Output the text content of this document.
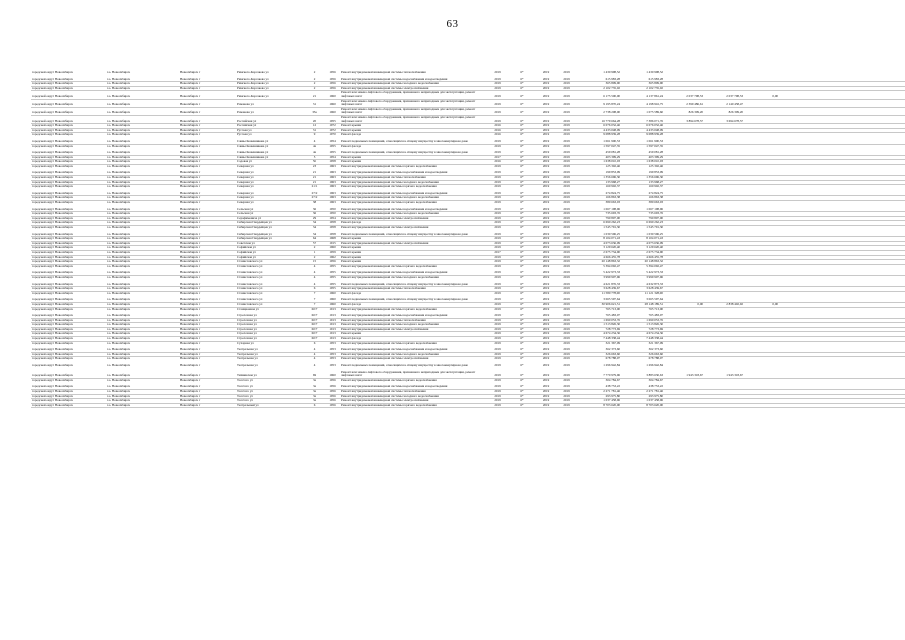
63
городской округ Новосибирск	г.о. Новосибирск	Новосибирск г	Римского-Корсакова ул	2	1956	Ремонт внутридомовой инженерной системы теплоснабжения	2019	6*	2019	2019	1 430 998,52	1 430 998,52				

городской округ Новосибирск	г.о. Новосибирск	Новосибирск г	Римского-Корсакова ул	2	1956	Ремонт внутридомовой инженерной системы водоснабжения и водоотведения	2019	6*	2019	2019	615 983,28	615 983,28				
городской округ Новосибирск	г.о. Новосибирск	Новосибирск г	Римского-Корсакова ул	2	1956	Ремонт внутридомовой инженерной системы холодного водоснабжения	2019	6*	2019	2019	365 809,90	365 809,90				
городской округ Новосибирск	г.о. Новосибирск	Новосибирск г	Римского-Корсакова ул	2	1956	Ремонт внутридомовой инженерной системы электроснабжения	2019	6*	2019	2019	2 102 735,02	2 102 735,02				
городской округ Новосибирск	г.о. Новосибирск	Новосибирск г	Римского-Корсакова ул	21	1960	Ремонт или замена лифтового оборудования, признанного непригодным для эксплуатации, ремонт лифтовых шахт	2019	6*	2019	2019	6 175 500,00	4 137 861,24	2 037 798,53	2 037 798,53	0,00	
городской округ Новосибирск	г.о. Новосибирск	Новосибирск г	Романова ул	31	1960	Ремонт или замена лифтового оборудования, признанного непригодным для эксплуатации, ремонт лифтовых шахт	2019	6*	2019	2019	9 195 870,24	4 198 916,75	2 399 486,61	2 140 458,47		
городской округ Новосибирск	г.о. Новосибирск	Новосибирск г	Романова ул	33а	1960	Ремонт или замена лифтового оборудования, признанного непригодным для эксплуатации, ремонт лифтовых шахт	2019	6*	2019	2019	2 738 208,00	1 075 589,60	826 309,20	826 309,20		
городской округ Новосибирск	г.о. Новосибирск	Новосибирск г	Российская ул	20	1955	Ремонт или замена лифтового оборудования, признанного непригодным для эксплуатации, ремонт лифтовых шахт	2019	6*	2019	2019	16 779 664,28	7 386 071,76	3 894 678,57	3 694 678,57		
городской округ Новосибирск	г.о. Новосибирск	Новосибирск г	Российская ул	12	1972	Ремонт крыши	2016	6*	2019	2019	6 076 032,46	6 076 032,46				
городской округ Новосибирск	г.о. Новосибирск	Новосибирск г	Русская ул	31	1972	Ремонт крыши	2016	6*	2019	2019	4 433 048,09	4 433 048,09				
городской округ Новосибирск	г.о. Новосибирск	Новосибирск г	Русская ул	9	1970	Ремонт фасада	2016	6*	2019	2019	9 088 939,28	9 088 939,28				

городской округ Новосибирск	г.о. Новосибирск	Новосибирск г	Саввы Кожевникова ул	4	1954	Ремонт подвальных помещений, относящихся к общему имуществу в многоквартирном доме	2019	6*	2019	2019	1 061 900,53	1 061 900,53				
городской округ Новосибирск	г.о. Новосибирск	Новосибирск г	Саввы Кожевникова ул	4а	1955	Ремонт фасада	2019	6*	2019	2019	1 597 047,35	1 597 047,35				

городской округ Новосибирск	г.о. Новосибирск	Новосибирск г	Саввы Кожевникова ул	4а	1955	Ремонт подвальных помещений, относящихся к общему имуществу в многоквартирном доме	2019	6*	2019	2019	459 081,28	459 081,28				
городской округ Новосибирск	г.о. Новосибирск	Новосибирск г	Саввы Кожевникова ул	5	1954	Ремонт крыши	2017	6*	2019	2019	403 399,29	403 399,29				
городской округ Новосибирск	г.о. Новосибирск	Новосибирск г	Садовая ул	5б	1958	Ремонт крыши	2016	6*	2019	2019	1 638 010,03	1 638 010,03				
городской округ Новосибирск	г.о. Новосибирск	Новосибирск г	Северная ул	23	1963	Ремонт внутридомовой инженерной системы горячего водоснабжения	2019	6*	2019	2019	125 302,46	125 302,46				

городской округ Новосибирск	г.о. Новосибирск	Новосибирск г	Северная ул	21	1963	Ремонт внутридомовой инженерной системы водоснабжения и водоотведения	2019	6*	2019	2019	199 853,09	199 853,09				
городской округ Новосибирск	г.о. Новосибирск	Новосибирск г	Северная ул	21	1963	Ремонт внутридомовой инженерной системы теплоснабжения	2019	6*	2019	2019	1 356 696,30	1 356 696,30				
городской округ Новосибирск	г.о. Новосибирск	Новосибирск г	Северная ул	21	1963	Ремонт внутридомовой инженерной системы холодного водоснабжения	2019	6*	2019	2019	133 968,27	133 968,27				
городской округ Новосибирск	г.о. Новосибирск	Новосибирск г	Северная ул	21/1	1963	Ремонт внутридомовой инженерной системы горячего водоснабжения	2019	6*	2019	2019	160 902,37	160 902,37				

городской округ Новосибирск	г.о. Новосибирск	Новосибирск г	Северная ул	27/2	1963	Ремонт внутридомовой инженерной системы водоснабжения и водоотведения	2019	6*	2019	2019	274 824,75	274 824,75				
городской округ Новосибирск	г.о. Новосибирск	Новосибирск г	Северная ул	27/2	1963	Ремонт внутридомовой инженерной системы холодного водоснабжения	2019	6*	2019	2019	166 863,38	166 863,38				
городской округ Новосибирск	г.о. Новосибирск	Новосибирск г	Северная ул	38	1963	Ремонт внутридомовой инженерной системы горячего водоснабжения	2019	6*	2019	2019	380 663,03	380 663,03				

городской округ Новосибирск	г.о. Новосибирск	Новосибирск г	Сельская ул	36	1950	Ремонт внутридомовой инженерной системы водоснабжения и водоотведения	2019	6*	2019	2019	1 067 198,96	1 067 198,96				
городской округ Новосибирск	г.о. Новосибирск	Новосибирск г	Сельская ул	36	1950	Ремонт внутридомовой инженерной системы холодного водоснабжения	2019	6*	2019	2019	735 693,76	735 693,76				
городской округ Новосибирск	г.о. Новосибирск	Новосибирск г	Серафимовича ул	29	1954	Ремонт внутридомовой инженерной системы электроснабжения	2019	6*	2019	2019	790 807,00	790 807,00				
городской округ Новосибирск	г.о. Новосибирск	Новосибирск г	Сибирская Гвардейцев ул	34	1958	Ремонт фасада	2019	6*	2019	2019	6 690 262,23	6 690 262,23				
городской округ Новосибирск	г.о. Новосибирск	Новосибирск г	Сибирская Гвардейцев ул	34	1958	Ремонт внутридомовой инженерной системы электроснабжения	2019	6*	2019	2019	1 545 791,30	1 545 791,30				

городской округ Новосибирск	г.о. Новосибирск	Новосибирск г	Сибирская Гвардейцев ул	34	1958	Ремонт подвальных помещений, относящихся к общему имуществу в многоквартирном доме	2019	6*	2019	2019	1 030 596,25	1 030 596,25				
городской округ Новосибирск	г.о. Новосибирск	Новосибирск г	Сибирская Гвардейцев ул	64	1968	Ремонт крыши	2019	6*	2019	2019	8 104 071,43	8 104 071,43				
городской округ Новосибирск	г.о. Новосибирск	Новосибирск г	Советская ул	57	1915	Ремонт внутридомовой инженерной системы электроснабжения	2019	6*	2019	2019	4 073 636,09	4 073 636,09				
городской округ Новосибирск	г.о. Новосибирск	Новосибирск г	Софийская ул	2	1960	Ремонт крыши	2019	6*	2019	2019	3 129 620,40	3 129 620,40				
городской округ Новосибирск	г.о. Новосибирск	Новосибирск г	Софийская ул	1	1959	Ремонт крыши	2017	6*	2019	2019	2 675 734,90	2 675 734,90				
городской округ Новосибирск	г.о. Новосибирск	Новосибирск г	Софийская ул	2	1962	Ремонт крыши	2019	6*	2019	2019	4 666 455,78	4 666 455,78				
городской округ Новосибирск	г.о. Новосибирск	Новосибирск г	Станиславского ул	15	1956	Ремонт крыши	2019	6*	2019	2019	20 148 863,32	20 148 863,32				
городской округ Новосибирск	г.о. Новосибирск	Новосибирск г	Станиславского ул	4	1955	Ремонт внутридомовой инженерной системы горячего водоснабжения	2019	6*	2019	2019	5 394 092,47	5 394 092,47				

городской округ Новосибирск	г.о. Новосибирск	Новосибирск г	Станиславского ул	4	1955	Ремонт внутридомовой инженерной системы водоснабжения и водоотведения	2019	6*	2019	2019	5 422 973,33	5 422 973,33				
городской округ Новосибирск	г.о. Новосибирск	Новосибирск г	Станиславского ул	4	1955	Ремонт внутридомовой инженерной системы холодного водоснабжения	2019	6*	2019	2019	3 999 907,96	3 999 907,96				

городской округ Новосибирск	г.о. Новосибирск	Новосибирск г	Станиславского ул	4	1955	Ремонт подвальных помещений, относящихся к общему имуществу в многоквартирном доме	2019	6*	2019	2019	4 621 876,33	4 632 873,33				
городской округ Новосибирск	г.о. Новосибирск	Новосибирск г	Станиславского ул	6	1955	Ремонт внутридомовой инженерной системы теплоснабжения	2019	6*	2019	2019	3 628 439,67	3 628 439,67				
городской округ Новосибирск	г.о. Новосибирск	Новосибирск г	Станиславского ул	7	1960	Ремонт фасада	2019	6*	2019	2019	11 580 778,00	11 121 328,00				

городской округ Новосибирск	г.о. Новосибирск	Новосибирск г	Станиславского ул	7	1960	Ремонт подвальных помещений, относящихся к общему имуществу в многоквартирном доме	2019	6*	2019	2019	3 065 597,64	3 065 597,64				
городской округ Новосибирск	г.о. Новосибирск	Новосибирск г	Станиславского ул	7	1960	Ремонт фасада	2019	6*	2019	2019	30 906 621,51	28 148 189,51	0,00	2 838 402,92	0,00	
городской округ Новосибирск	г.о. Новосибирск	Новосибирск г	Станционная ул	60/7	1913	Ремонт внутридомовой инженерной системы горячего водоснабжения	2019	6*	2019	2019	765 713,00	765 713,00				

городской округ Новосибирск	г.о. Новосибирск	Новосибирск г	Стрелочная ул	60/7	1913	Ремонт внутридомовой инженерной системы водоснабжения и водоотведения	2019	6*	2019	2019	765 483,07	765 483,07				
городской округ Новосибирск	г.о. Новосибирск	Новосибирск г	Стрелочная ул	60/7	1913	Ремонт внутридомовой инженерной системы теплоснабжения	2019	6*	2019	2019	1 690 053,76	1 690 053,76				
городской округ Новосибирск	г.о. Новосибирск	Новосибирск г	Стрелочная ул	60/7	1913	Ремонт внутридомовой инженерной системы холодного водоснабжения	2019	6*	2019	2019	1 513 826,30	1 513 826,30				
городской округ Новосибирск	г.о. Новосибирск	Новосибирск г	Стрелочная ул	60/7	1913	Ремонт внутридомовой инженерной системы электроснабжения	2019	6*	2019	2019	728 773,69	728 773,69				
городской округ Новосибирск	г.о. Новосибирск	Новосибирск г	Стрелочная ул	60/7	1913	Ремонт крыши	2019	6*	2019	2019	4 674 234,36	4 674 234,36				
городской округ Новосибирск	г.о. Новосибирск	Новосибирск г	Стрелочная ул	60/7	1913	Ремонт фасада	2019	6*	2019	2019	7 448 338,44	7 448 338,44				
городской округ Новосибирск	г.о. Новосибирск	Новосибирск г	Сухарная ул	6	1953	Ремонт внутридомовой инженерной системы горячего водоснабжения	2019	6*	2019	2019	321 367,09	321 367,09				

городской округ Новосибирск	г.о. Новосибирск	Новосибирск г	Театральная ул	4	1953	Ремонт внутридомовой инженерной системы водоснабжения и водоотведения	2019	6*	2019	2019	362 373,60	362 373,60				
городской округ Новосибирск	г.о. Новосибирск	Новосибирск г	Театральная ул	4	1953	Ремонт внутридомовой инженерной системы холодного водоснабжения	2019	6*	2019	2019	326 663,60	326 663,60				
городской округ Новосибирск	г.о. Новосибирск	Новосибирск г	Театральная ул	4	1953	Ремонт внутридомовой инженерной системы электроснабжения	2019	6*	2019	2019	678 788,07	678 788,07				

городской округ Новосибирск	г.о. Новосибирск	Новосибирск г	Театральная ул	4	1953	Ремонт подвальных помещений, относящихся к общему имуществу в многоквартирном доме	2019	6*	2019	2019	1 296 942,84	1 296 942,84				

городской округ Новосибирск	г.о. Новосибирск	Новосибирск г	Тихвинская ул	69	1960	Ремонт или замена лифтового оборудования, признанного непригодным для эксплуатации, ремонт лифтовых шахт	2019	6*	2019	2019	7 770 979,96	3 883 630,63	1 943 318,67	1 943 318,67		
городской округ Новосибирск	г.о. Новосибирск	Новосибирск г	Толстого ул	3а	1956	Ремонт внутридомовой инженерной системы горячего водоснабжения	2019	6*	2019	2019	304 784,67	304 784,67				

городской округ Новосибирск	г.о. Новосибирск	Новосибирск г	Толстого ул	3а	1956	Ремонт внутридомовой инженерной системы водоснабжения и водоотведения	2019	6*	2019	2019	438 753,22	438 753,22				
городской округ Новосибирск	г.о. Новосибирск	Новосибирск г	Толстого ул	3а	1956	Ремонт внутридомовой инженерной системы теплоснабжения	2019	6*	2019	2019	2 271 781,46	2 271 781,46				
городской округ Новосибирск	г.о. Новосибирск	Новосибирск г	Толстого ул	3а	1956	Ремонт внутридомовой инженерной системы холодного водоснабжения	2019	6*	2019	2019	293 975,80	293 975,80				
городской округ Новосибирск	г.о. Новосибирск	Новосибирск г	Толстого ул	3а	1956	Ремонт внутридомовой инженерной системы электроснабжения	2019	6*	2019	2019	1 037 458,96	1 037 458,96				
городской округ Новосибирск	г.о. Новосибирск	Новосибирск г	Театральный ул	6	1956	Ремонт внутридомовой инженерной системы горячего водоснабжения	2019	6*	2019	2019	8 703 620,00	8 703 620,00				
